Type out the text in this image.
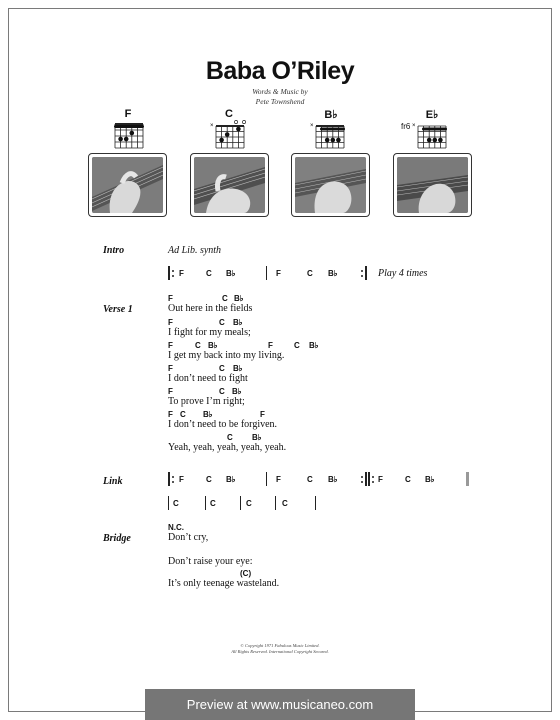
Baba O’Riley
Words & Music by
Pete Townshend
F	C	B♭	E♭
fr6
×	×	×
Intro	Ad Lib. synth
F	C B♭	F	C B♭	Play 4 times
Verse 1
F	C B♭
Out here in the fields
F	C B♭
I fight for my meals;
F	C B♭	F	C B♭
I get my back into my living.
F	C B♭
I don’t need to fight
F	C B♭
To prove I’m right;
F C B♭	F
I don’t need to be forgiven.
C B♭
Yeah, yeah, yeah, yeah, yeah.
Link	F	C B♭	F	C B♭	F	C B♭
C	C	C	C
Bridge
N.C.
Don’t cry,
Don’t raise your eye:
(C)
It’s only teenage wasteland.
© Copyright 1971 Fabulous Music Limited.
All Rights Reserved. International Copyright Secured.
Preview at www.musicaneo.com
